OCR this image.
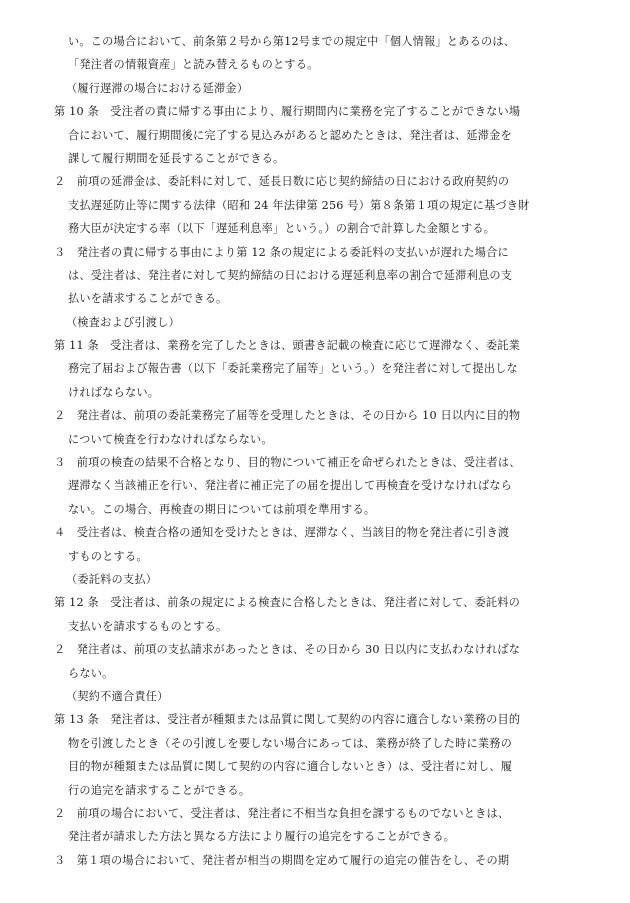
い。この場合において、前条第２号から第12号までの規定中「個人情報」とあるのは、
「発注者の情報資産」と読み替えるものとする。
（履行遅滞の場合における延滞金）
第 10 条　受注者の責に帰する事由により、履行期間内に業務を完了することができない場
合において、履行期間後に完了する見込みがあると認めたときは、発注者は、延滞金を
課して履行期間を延長することができる。
２　前項の延滞金は、委託料に対して、延長日数に応じ契約締結の日における政府契約の
支払遅延防止等に関する法律（昭和 24 年法律第 256 号）第８条第１項の規定に基づき財
務大臣が決定する率（以下「遅延利息率」という。）の割合で計算した金額とする。
３　発注者の責に帰する事由により第 12 条の規定による委託料の支払いが遅れた場合に
は、受注者は、発注者に対して契約締結の日における遅延利息率の割合で延滞利息の支
払いを請求することができる。
（検査および引渡し）
第 11 条　受注者は、業務を完了したときは、頭書き記載の検査に応じて遅滞なく、委託業
務完了届および報告書（以下「委託業務完了届等」という。）を発注者に対して提出しな
ければならない。
２　発注者は、前項の委託業務完了届等を受理したときは、その日から 10 日以内に目的物
について検査を行わなければならない。
３　前項の検査の結果不合格となり、目的物について補正を命ぜられたときは、受注者は、
遅滞なく当該補正を行い、発注者に補正完了の届を提出して再検査を受けなければなら
ない。この場合、再検査の期日については前項を準用する。
４　受注者は、検査合格の通知を受けたときは、遅滞なく、当該目的物を発注者に引き渡
すものとする。
（委託料の支払）
第 12 条　受注者は、前条の規定による検査に合格したときは、発注者に対して、委託料の
支払いを請求するものとする。
２　発注者は、前項の支払請求があったときは、その日から 30 日以内に支払わなければな
らない。
（契約不適合責任）
第 13 条　発注者は、受注者が種類または品質に関して契約の内容に適合しない業務の目的
物を引渡したとき（その引渡しを要しない場合にあっては、業務が終了した時に業務の
目的物が種類または品質に関して契約の内容に適合しないとき）は、受注者に対し、履
行の追完を請求することができる。
２　前項の場合において、受注者は、発注者に不相当な負担を課するものでないときは、
発注者が請求した方法と異なる方法により履行の追完をすることができる。
３　第１項の場合において、発注者が相当の期間を定めて履行の追完の催告をし、その期
